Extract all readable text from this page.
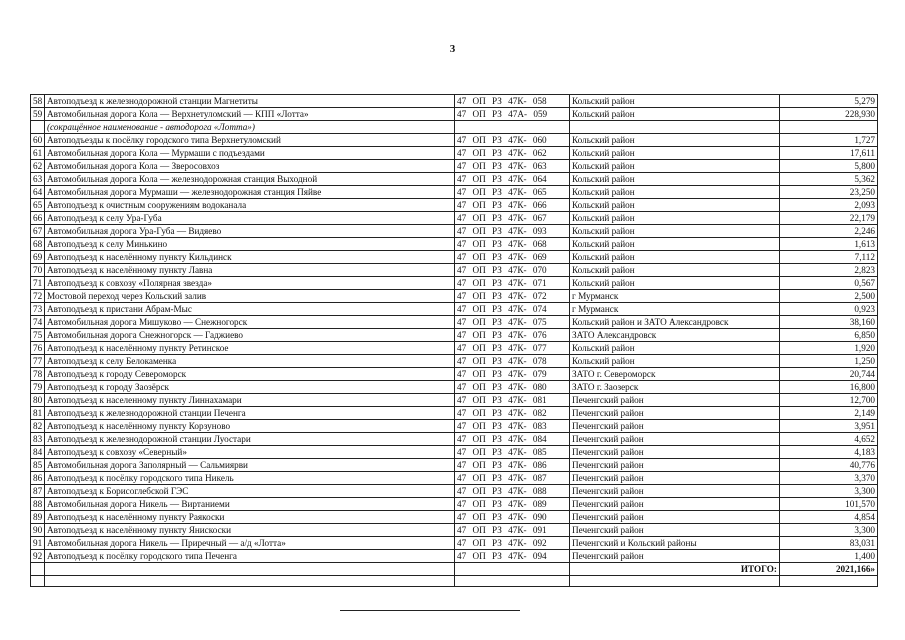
3
58	Автоподъезд к железнодорожной станции Магнетиты	47 ОП РЗ 47К- 058	Кольский район	5,279
59	Автомобильная дорога Кола — Верхнетуломский — КПП «Лотта»	47 ОП РЗ 47А- 059	Кольский район	228,930
	(сокращённое наименование - автодорога «Лотта»)			
60	Автоподъезды к посёлку городского типа Верхнетуломский	47 ОП РЗ 47К- 060	Кольский район	1,727
61	Автомобильная дорога Кола — Мурмаши с подъездами	47 ОП РЗ 47К- 062	Кольский район	17,611
62	Автомобильная дорога Кола — Зверосовхоз	47 ОП РЗ 47К- 063	Кольский район	5,800
63	Автомобильная дорога Кола — железнодорожная станция Выходной	47 ОП РЗ 47К- 064	Кольский район	5,362
64	Автомобильная дорога Мурмаши — железнодорожная станция Пяйве	47 ОП РЗ 47К- 065	Кольский район	23,250
65	Автоподъезд к очистным сооружениям водоканала	47 ОП РЗ 47К- 066	Кольский район	2,093
66	Автоподъезд к селу Ура-Губа	47 ОП РЗ 47К- 067	Кольский район	22,179
67	Автомобильная дорога Ура-Губа — Видяево	47 ОП РЗ 47К- 093	Кольский район	2,246
68	Автоподъезд к селу Минькино	47 ОП РЗ 47К- 068	Кольский район	1,613
69	Автоподъезд к населённому пункту Кильдинск	47 ОП РЗ 47К- 069	Кольский район	7,112
70	Автоподъезд к населённому пункту Лавна	47 ОП РЗ 47К- 070	Кольский район	2,823
71	Автоподъезд к совхозу «Полярная звезда»	47 ОП РЗ 47К- 071	Кольский район	0,567
72	Мостовой переход через Кольский залив	47 ОП РЗ 47К- 072	г Мурманск	2,500
73	Автоподъезд к пристани Абрам-Мыс	47 ОП РЗ 47К- 074	г Мурманск	0,923
74	Автомобильная дорога Мишуково — Снежногорск	47 ОП РЗ 47К- 075	Кольский район и ЗАТО Александровск	38,160
75	Автомобильная дорога Снежногорск — Гаджиево	47 ОП РЗ 47К- 076	ЗАТО Александровск	6,850
76	Автоподъезд к населённому пункту Ретинское	47 ОП РЗ 47К- 077	Кольский район	1,920
77	Автоподъезд к селу Белокаменка	47 ОП РЗ 47К- 078	Кольский район	1,250
78	Автоподъезд к городу Североморск	47 ОП РЗ 47К- 079	ЗАТО г. Североморск	20,744
79	Автоподъезд к городу Заозёрск	47 ОП РЗ 47К- 080	ЗАТО г. Заозерск	16,800
80	Автоподъезд к населенному пункту Линнахамари	47 ОП РЗ 47К- 081	Печенгский район	12,700
81	Автоподъезд к железнодорожной станции Печенга	47 ОП РЗ 47К- 082	Печенгский район	2,149
82	Автоподъезд к населённому пункту Корзуново	47 ОП РЗ 47К- 083	Печенгский район	3,951
83	Автоподъезд к железнодорожной станции Луостари	47 ОП РЗ 47К- 084	Печенгский район	4,652
84	Автоподъезд к совхозу «Северный»	47 ОП РЗ 47К- 085	Печенгский район	4,183
85	Автомобильная дорога Заполярный — Сальмиярви	47 ОП РЗ 47К- 086	Печенгский район	40,776
86	Автоподъезд к посёлку городского типа Никель	47 ОП РЗ 47К- 087	Печенгский район	3,370
87	Автоподъезд к Борисоглебской ГЭС	47 ОП РЗ 47К- 088	Печенгский район	3,300
88	Автомобильная дорога Никель — Виртаниеми	47 ОП РЗ 47К- 089	Печенгский район	101,570
89	Автоподъезд к населённому пункту Раякоски	47 ОП РЗ 47К- 090	Печенгский район	4,854
90	Автоподъезд к населённому пункту Янискоски	47 ОП РЗ 47К- 091	Печенгский район	3,300
91	Автомобильная дорога Никель — Приречный — а/д «Лотта»	47 ОП РЗ 47К- 092	Печенгский и Кольский районы	83,031
92	Автоподъезд к посёлку городского типа Печенга	47 ОП РЗ 47К- 094	Печенгский район	1,400
			ИТОГО:	2021,166»
